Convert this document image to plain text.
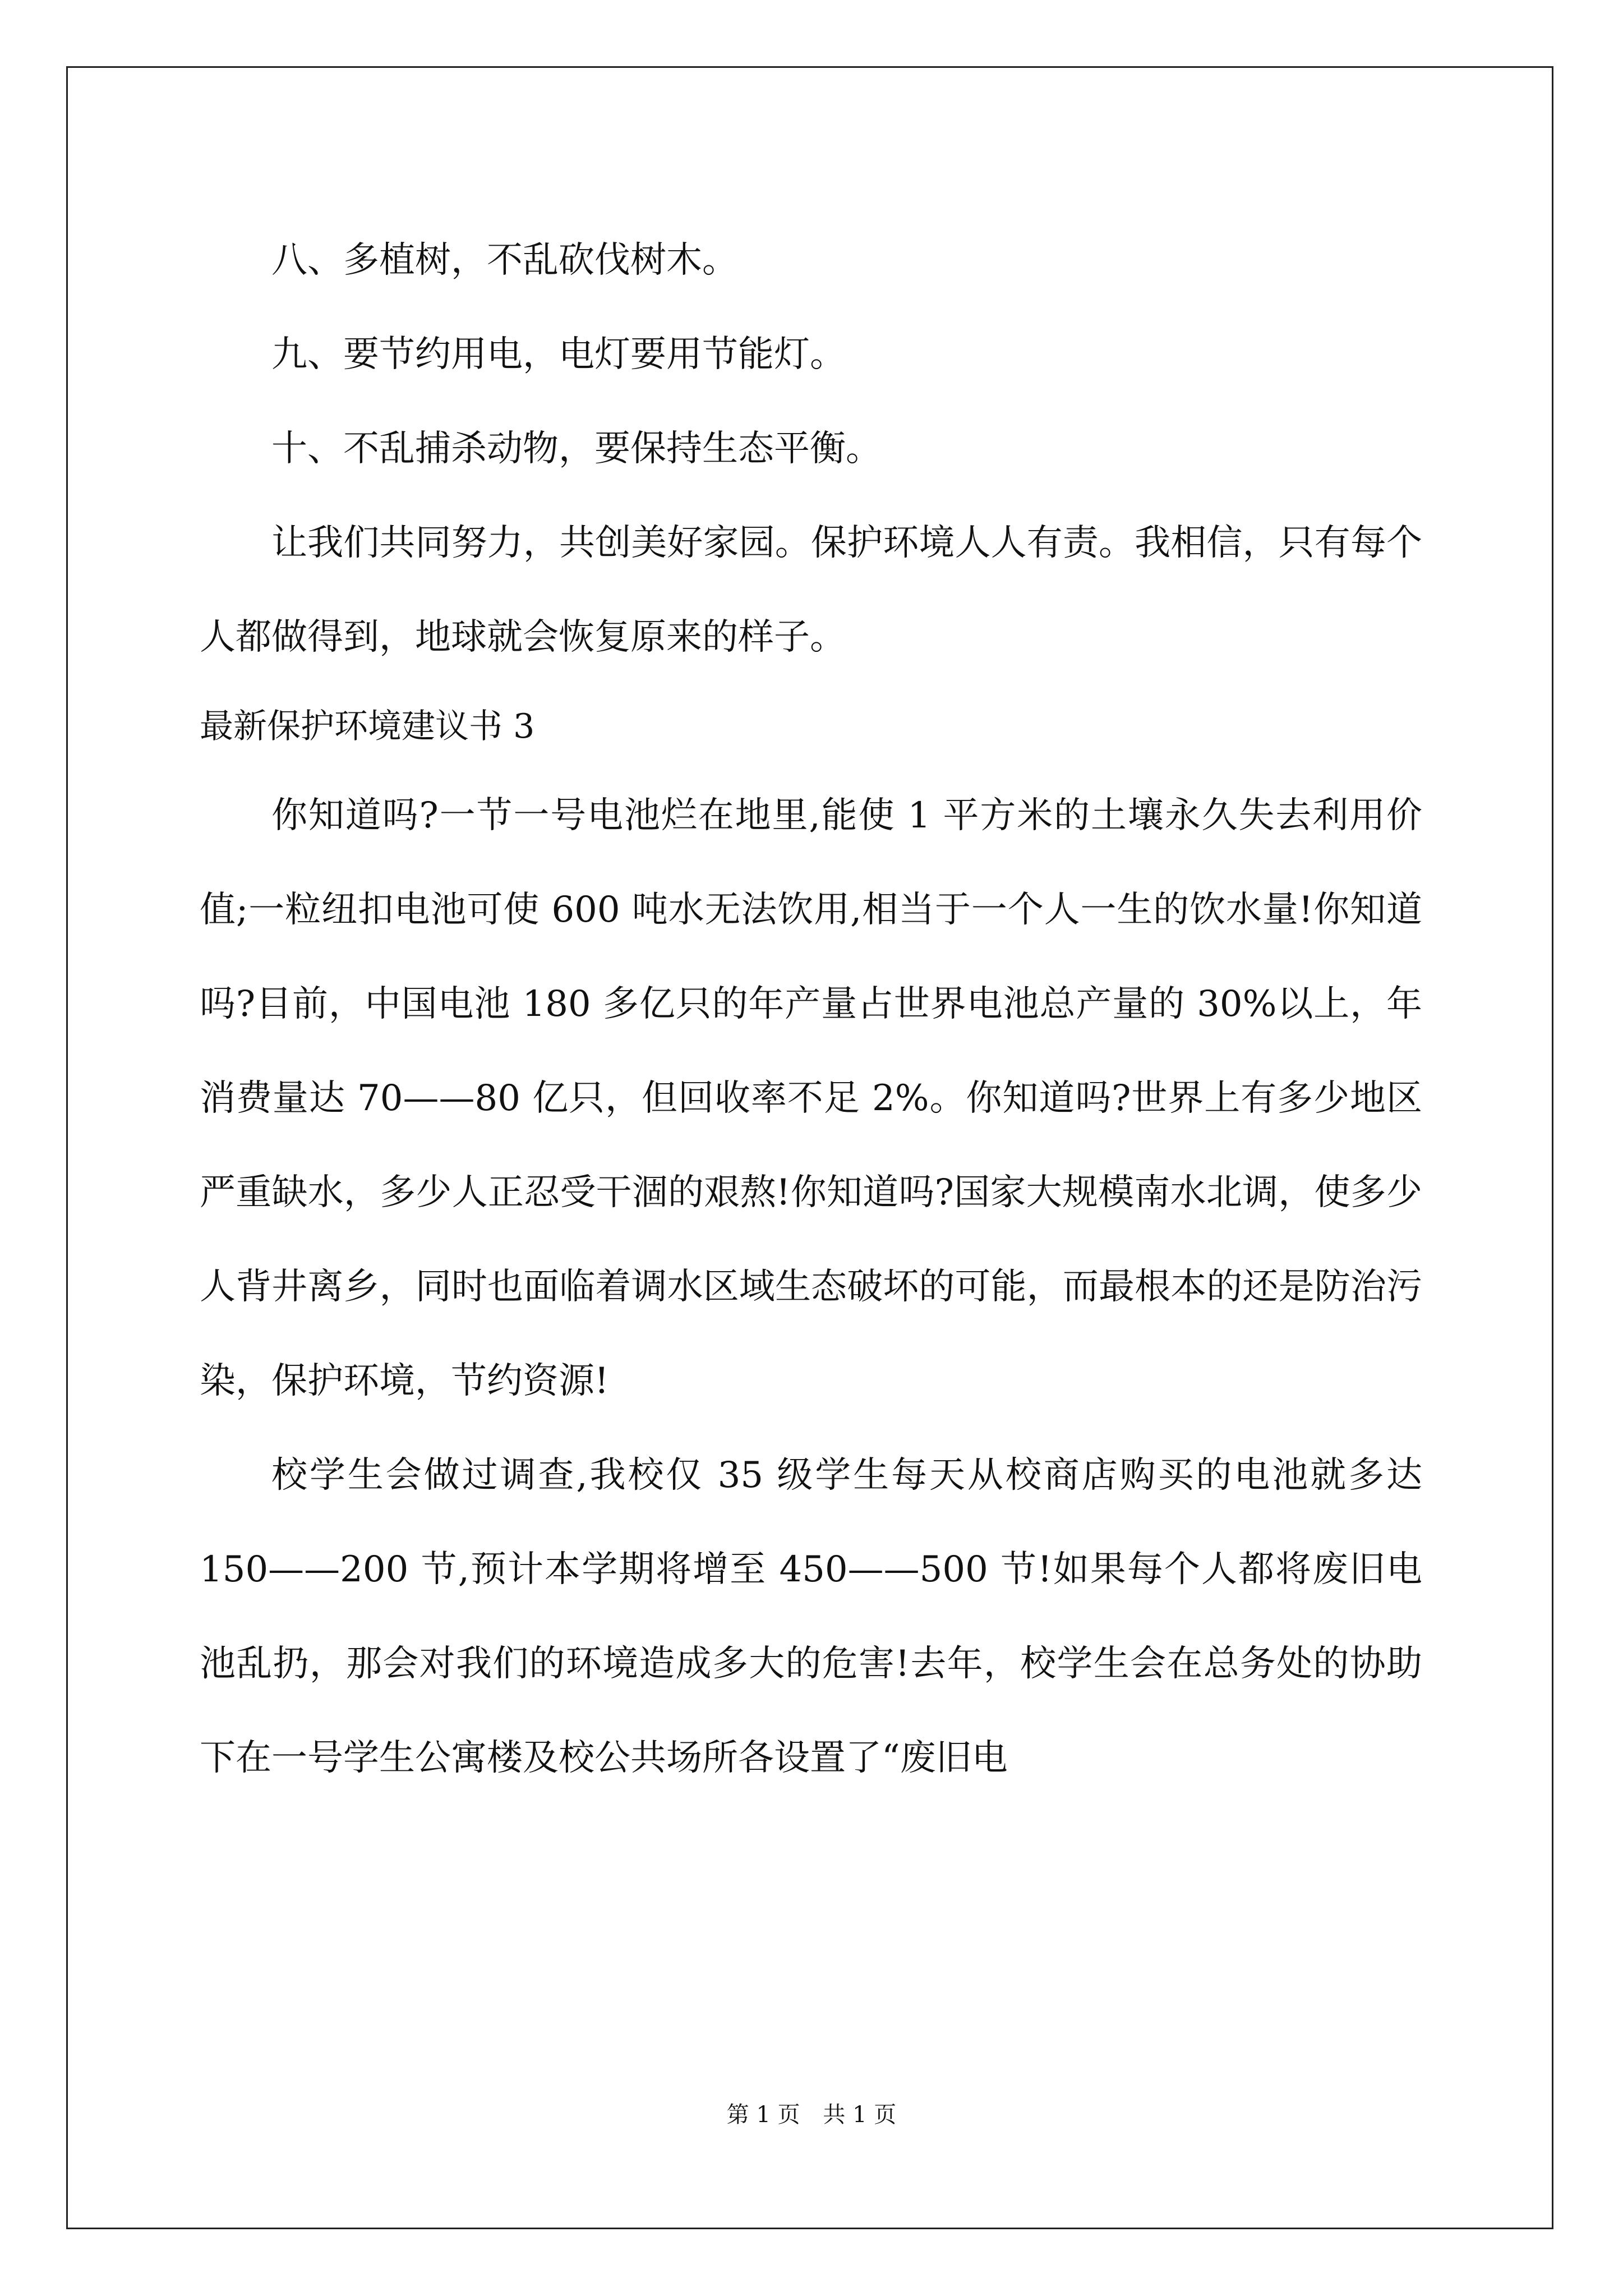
八、多植树，不乱砍伐树木。

九、要节约用电，电灯要用节能灯。

十、不乱捕杀动物，要保持生态平衡。

让我们共同努力，共创美好家园。保护环境人人有责。我相信，只有每个人都做得到，地球就会恢复原来的样子。

最新保护环境建议书 3

你知道吗?一节一号电池烂在地里,能使 1 平方米的土壤永久失去利用价值;一粒纽扣电池可使 600 吨水无法饮用,相当于一个人一生的饮水量!你知道吗?目前，中国电池 180 多亿只的年产量占世界电池总产量的 30%以上，年消费量达 70——80 亿只，但回收率不足 2%。你知道吗?世界上有多少地区严重缺水，多少人正忍受干涸的艰熬!你知道吗?国家大规模南水北调，使多少人背井离乡，同时也面临着调水区域生态破坏的可能，而最根本的还是防治污染，保护环境，节约资源!

校学生会做过调查,我校仅 35 级学生每天从校商店购买的电池就多达 150——200 节,预计本学期将增至 450——500 节!如果每个人都将废旧电池乱扔，那会对我们的环境造成多大的危害!去年，校学生会在总务处的协助下在一号学生公寓楼及校公共场所各设置了“废旧电

第 1 页 共 1 页
